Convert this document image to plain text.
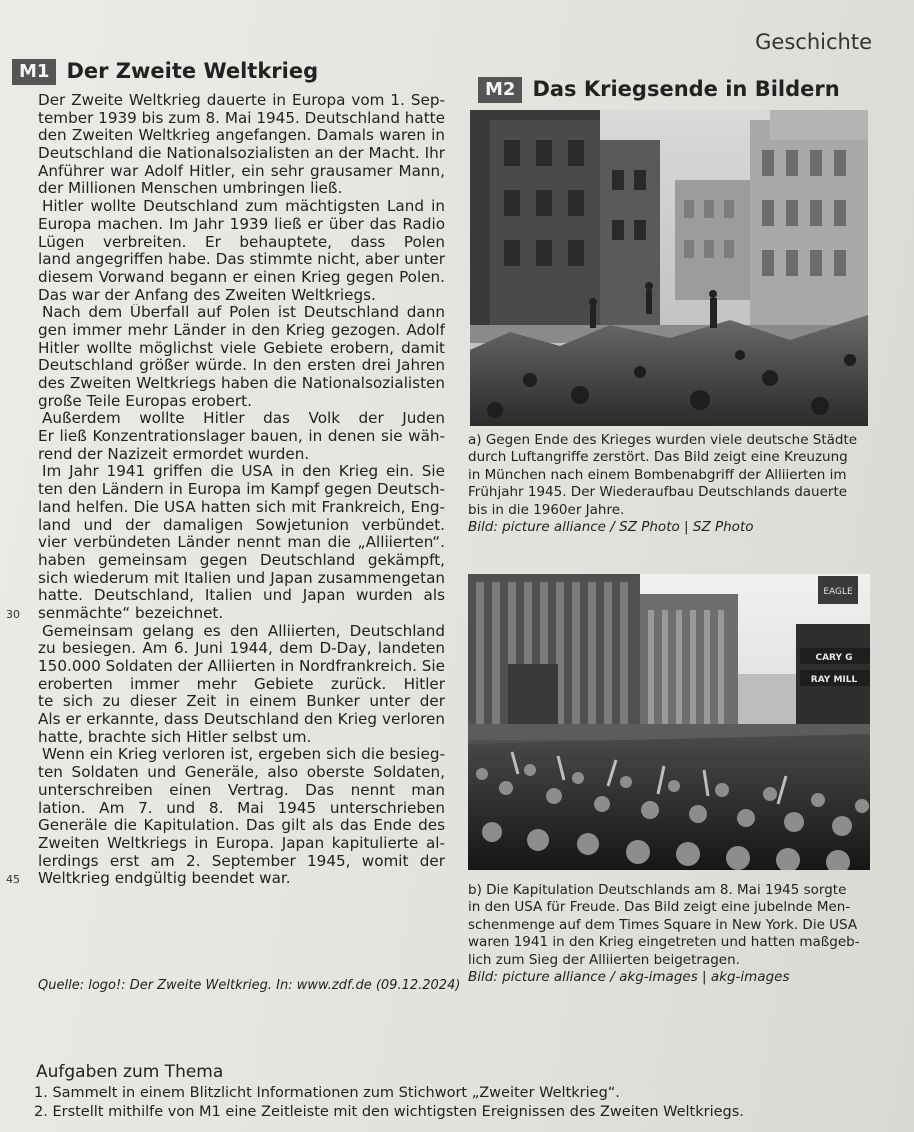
Geschichte
M1 Der Zweite Weltkrieg
Der Zweite Weltkrieg dauerte in Europa vom 1. Sep-
tember 1939 bis zum 8. Mai 1945. Deutschland hatte
den Zweiten Weltkrieg angefangen. Damals waren in
Deutschland die Nationalsozialisten an der Macht. Ihr
Anführer war Adolf Hitler, ein sehr grausamer Mann,
der Millionen Menschen umbringen ließ.
Hitler wollte Deutschland zum mächtigsten Land in
Europa machen. Im Jahr 1939 ließ er über das Radio
Lügen verbreiten. Er behauptete, dass Polen
land angegriffen habe. Das stimmte nicht, aber unter
diesem Vorwand begann er einen Krieg gegen Polen.
Das war der Anfang des Zweiten Weltkriegs.
Nach dem Überfall auf Polen ist Deutschland dann
gen immer mehr Länder in den Krieg gezogen. Adolf
Hitler wollte möglichst viele Gebiete erobern, damit
Deutschland größer würde. In den ersten drei Jahren
des Zweiten Weltkriegs haben die Nationalsozialisten
große Teile Europas erobert.
Außerdem wollte Hitler das Volk der Juden
Er ließ Konzentrationslager bauen, in denen sie wäh-
rend der Nazizeit ermordet wurden.
Im Jahr 1941 griffen die USA in den Krieg ein. Sie
ten den Ländern in Europa im Kampf gegen Deutsch-
land helfen. Die USA hatten sich mit Frankreich, Eng-
land und der damaligen Sowjetunion verbündet.
vier verbündeten Länder nennt man die „Alliierten“.
haben gemeinsam gegen Deutschland gekämpft,
sich wiederum mit Italien und Japan zusammengetan
hatte. Deutschland, Italien und Japan wurden als
30	senmächte“ bezeichnet.
Gemeinsam gelang es den Alliierten, Deutschland
zu besiegen. Am 6. Juni 1944, dem D-Day, landeten
150.000 Soldaten der Alliierten in Nordfrankreich. Sie
eroberten immer mehr Gebiete zurück. Hitler
te sich zu dieser Zeit in einem Bunker unter der
Als er erkannte, dass Deutschland den Krieg verloren
hatte, brachte sich Hitler selbst um.
Wenn ein Krieg verloren ist, ergeben sich die besieg-
ten Soldaten und Generäle, also oberste Soldaten,
unterschreiben einen Vertrag. Das nennt man
lation. Am 7. und 8. Mai 1945 unterschrieben
Generäle die Kapitulation. Das gilt als das Ende des
Zweiten Weltkriegs in Europa. Japan kapitulierte al-
lerdings erst am 2. September 1945, womit der
45	Weltkrieg endgültig beendet war.
Quelle: logo!: Der Zweite Weltkrieg. In: www.zdf.de (09.12.2024)
M2 Das Kriegsende in Bildern
a) Gegen Ende des Krieges wurden viele deutsche Städte
durch Luftangriffe zerstört. Das Bild zeigt eine Kreuzung
in München nach einem Bombenabgriff der Alliierten im
Frühjahr 1945. Der Wiederaufbau Deutschlands dauerte
bis in die 1960er Jahre.
Bild: picture alliance / SZ Photo | SZ Photo
EAGLE
CARY G
RAY MILL
b) Die Kapitulation Deutschlands am 8. Mai 1945 sorgte
in den USA für Freude. Das Bild zeigt eine jubelnde Men-
schenmenge auf dem Times Square in New York. Die USA
waren 1941 in den Krieg eingetreten und hatten maßgeb-
lich zum Sieg der Alliierten beigetragen.
Bild: picture alliance / akg-images | akg-images
Aufgaben zum Thema
1. Sammelt in einem Blitzlicht Informationen zum Stichwort „Zweiter Weltkrieg“.
2. Erstellt mithilfe von M1 eine Zeitleiste mit den wichtigsten Ereignissen des Zweiten Weltkriegs.
